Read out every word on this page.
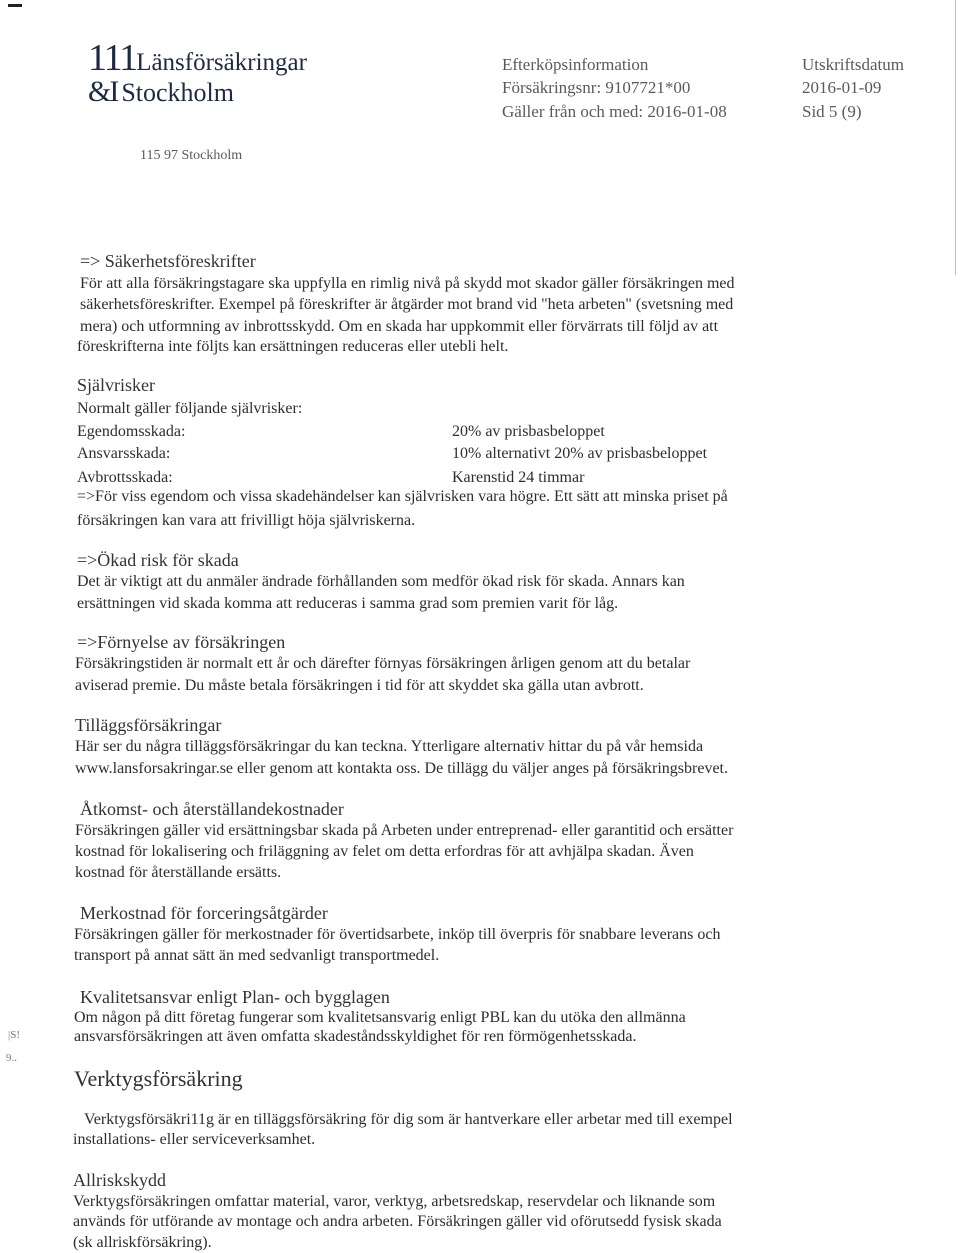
111Länsförsäkringar
&I Stockholm
Efterköpsinformation
Försäkringsnr: 9107721*00
Gäller från och med: 2016-01-08
Utskriftsdatum
2016-01-09
Sid 5 (9)
115 97 Stockholm
=> Säkerhetsföreskrifter
För att alla försäkringstagare ska uppfylla en rimlig nivå på skydd mot skador gäller försäkringen med
säkerhetsföreskrifter. Exempel på föreskrifter är åtgärder mot brand vid "heta arbeten" (svetsning med
mera) och utformning av inbrottsskydd. Om en skada har uppkommit eller förvärrats till följd av att
föreskrifterna inte följts kan ersättningen reduceras eller utebli helt.
Självrisker
Normalt gäller följande självrisker:
Egendomsskada:	20% av prisbasbeloppet
Ansvarsskada:	10% alternativt 20% av prisbasbeloppet
Avbrottsskada:	Karenstid 24 timmar
=>För viss egendom och vissa skadehändelser kan självrisken vara högre. Ett sätt att minska priset på
försäkringen kan vara att frivilligt höja självriskerna.
=>Ökad risk för skada
Det är viktigt att du anmäler ändrade förhållanden som medför ökad risk för skada. Annars kan
ersättningen vid skada komma att reduceras i samma grad som premien varit för låg.
=>Förnyelse av försäkringen
Försäkringstiden är normalt ett år och därefter förnyas försäkringen årligen genom att du betalar
aviserad premie. Du måste betala försäkringen i tid för att skyddet ska gälla utan avbrott.
Tilläggsförsäkringar
Här ser du några tilläggsförsäkringar du kan teckna. Ytterligare alternativ hittar du på vår hemsida
www.lansforsakringar.se eller genom att kontakta oss. De tillägg du väljer anges på försäkringsbrevet.
Åtkomst- och återställandekostnader
Försäkringen gäller vid ersättningsbar skada på Arbeten under entreprenad- eller garantitid och ersätter
kostnad för lokalisering och friläggning av felet om detta erfordras för att avhjälpa skadan. Även
kostnad för återställande ersätts.
Merkostnad för forceringsåtgärder
Försäkringen gäller för merkostnader för övertidsarbete, inköp till överpris för snabbare leverans och
transport på annat sätt än med sedvanligt transportmedel.
Kvalitetsansvar enligt Plan- och bygglagen
Om någon på ditt företag fungerar som kvalitetsansvarig enligt PBL kan du utöka den allmänna
ansvarsförsäkringen att även omfatta skadeståndsskyldighet för ren förmögenhetsskada.
Verktygsförsäkring
Verktygsförsäkri11g är en tilläggsförsäkring för dig som är hantverkare eller arbetar med till exempel
installations- eller serviceverksamhet.
Allriskskydd
Verktygsförsäkringen omfattar material, varor, verktyg, arbetsredskap, reservdelar och liknande som
används för utförande av montage och andra arbeten. Försäkringen gäller vid oförutsedd fysisk skada
(sk allriskförsäkring).
|S!
9..
